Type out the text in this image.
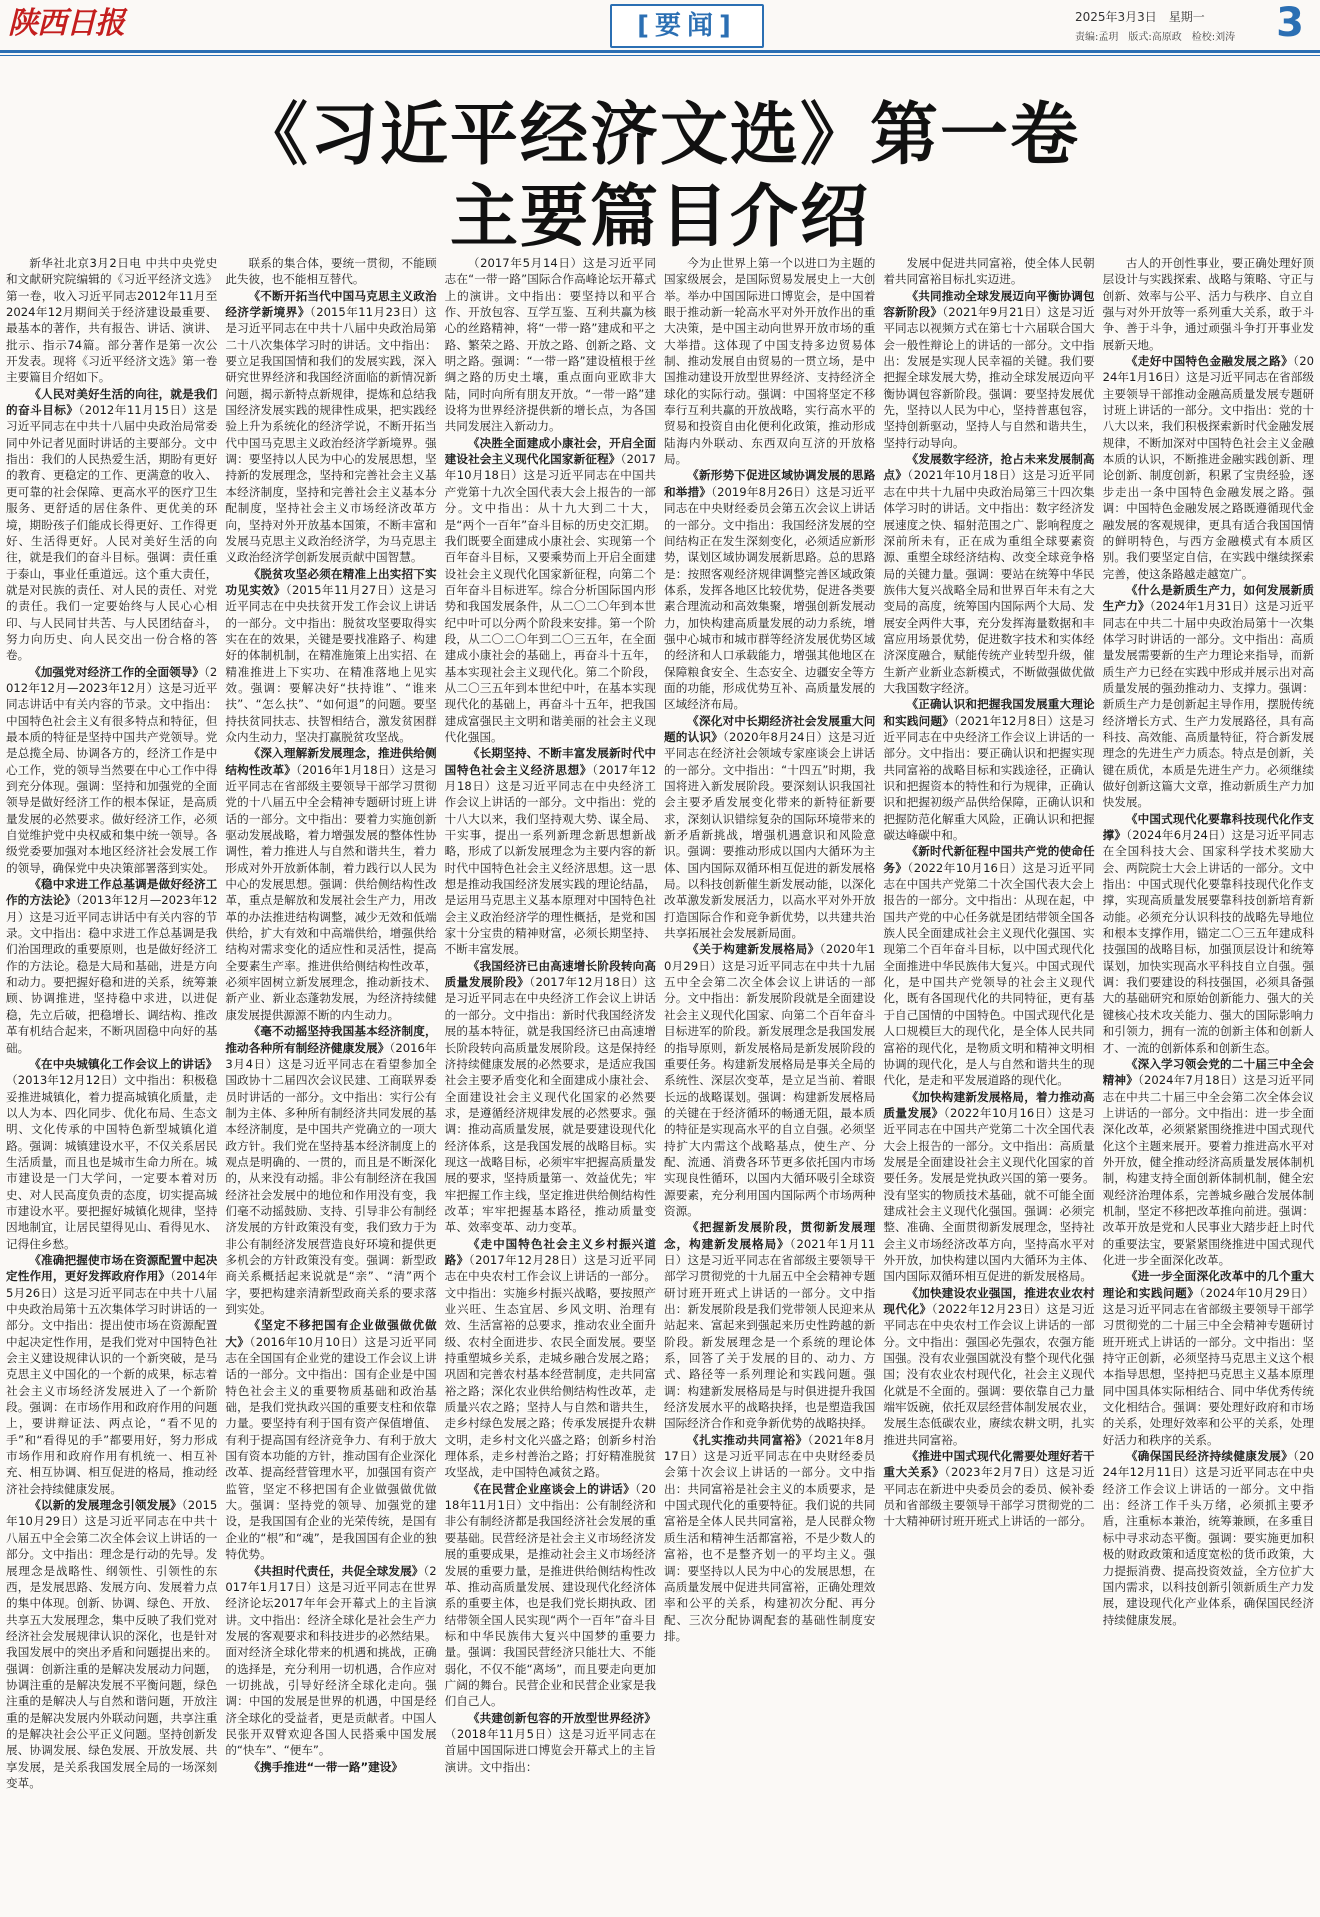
陕西日报	[要闻]	2025年3月3日　星期一
责编:孟玥　版式:高原政　检校:刘涛 3
《习近平经济文选》第一卷
主要篇目介绍

新华社北京3月2日电 中共中央党史和文献研究院编辑的《习近平经济文选》第一卷，收入习近平同志2012年11月至2024年12月期间关于经济建设最重要、最基本的著作，共有报告、讲话、演讲、批示、指示74篇。部分著作是第一次公开发表。现将《习近平经济文选》第一卷主要篇目介绍如下。

《人民对美好生活的向往，就是我们的奋斗目标》（2012年11月15日）这是习近平同志在中共十八届中央政治局常委同中外记者见面时讲话的主要部分。文中指出：我们的人民热爱生活，期盼有更好的教育、更稳定的工作、更满意的收入、更可靠的社会保障、更高水平的医疗卫生服务、更舒适的居住条件、更优美的环境，期盼孩子们能成长得更好、工作得更好、生活得更好。人民对美好生活的向往，就是我们的奋斗目标。强调：责任重于泰山，事业任重道远。这个重大责任，就是对民族的责任、对人民的责任、对党的责任。我们一定要始终与人民心心相印、与人民同甘共苦、与人民团结奋斗，努力向历史、向人民交出一份合格的答卷。

《加强党对经济工作的全面领导》（2012年12月—2023年12月）这是习近平同志讲话中有关内容的节录。文中指出：中国特色社会主义有很多特点和特征，但最本质的特征是坚持中国共产党领导。党是总揽全局、协调各方的，经济工作是中心工作，党的领导当然要在中心工作中得到充分体现。强调：坚持和加强党的全面领导是做好经济工作的根本保证，是高质量发展的必然要求。做好经济工作，必须自觉维护党中央权威和集中统一领导。各级党委要加强对本地区经济社会发展工作的领导，确保党中央决策部署落到实处。

《稳中求进工作总基调是做好经济工作的方法论》（2013年12月—2023年12月）这是习近平同志讲话中有关内容的节录。文中指出：稳中求进工作总基调是我们治国理政的重要原则，也是做好经济工作的方法论。稳是大局和基础，进是方向和动力。要把握好稳和进的关系，统筹兼顾、协调推进，坚持稳中求进，以进促稳，先立后破，把稳增长、调结构、推改革有机结合起来，不断巩固稳中向好的基础。

《在中央城镇化工作会议上的讲话》（2013年12月12日）文中指出：积极稳妥推进城镇化，着力提高城镇化质量，走以人为本、四化同步、优化布局、生态文明、文化传承的中国特色新型城镇化道路。强调：城镇建设水平，不仅关系居民生活质量，而且也是城市生命力所在。城市建设是一门大学问，一定要本着对历史、对人民高度负责的态度，切实提高城市建设水平。要把握好城镇化规律，坚持因地制宜，让居民望得见山、看得见水、记得住乡愁。

《准确把握使市场在资源配置中起决定性作用，更好发挥政府作用》（2014年5月26日）这是习近平同志在中共十八届中央政治局第十五次集体学习时讲话的一部分。文中指出：提出使市场在资源配置中起决定性作用，是我们党对中国特色社会主义建设规律认识的一个新突破，是马克思主义中国化的一个新的成果，标志着社会主义市场经济发展进入了一个新阶段。强调：在市场作用和政府作用的问题上，要讲辩证法、两点论，“看不见的手”和“看得见的手”都要用好，努力形成市场作用和政府作用有机统一、相互补充、相互协调、相互促进的格局，推动经济社会持续健康发展。

《以新的发展理念引领发展》（2015年10月29日）这是习近平同志在中共十八届五中全会第二次全体会议上讲话的一部分。文中指出：理念是行动的先导。发展理念是战略性、纲领性、引领性的东西，是发展思路、发展方向、发展着力点的集中体现。创新、协调、绿色、开放、共享五大发展理念，集中反映了我们党对经济社会发展规律认识的深化，也是针对我国发展中的突出矛盾和问题提出来的。强调：创新注重的是解决发展动力问题，协调注重的是解决发展不平衡问题，绿色注重的是解决人与自然和谐问题，开放注重的是解决发展内外联动问题，共享注重的是解决社会公平正义问题。坚持创新发展、协调发展、绿色发展、开放发展、共享发展，是关系我国发展全局的一场深刻变革。

联系的集合体，要统一贯彻，不能顾此失彼，也不能相互替代。

《不断开拓当代中国马克思主义政治经济学新境界》（2015年11月23日）这是习近平同志在中共十八届中央政治局第二十八次集体学习时的讲话。文中指出：要立足我国国情和我们的发展实践，深入研究世界经济和我国经济面临的新情况新问题，揭示新特点新规律，提炼和总结我国经济发展实践的规律性成果，把实践经验上升为系统化的经济学说，不断开拓当代中国马克思主义政治经济学新境界。强调：要坚持以人民为中心的发展思想，坚持新的发展理念，坚持和完善社会主义基本经济制度，坚持和完善社会主义基本分配制度，坚持社会主义市场经济改革方向，坚持对外开放基本国策，不断丰富和发展马克思主义政治经济学，为马克思主义政治经济学创新发展贡献中国智慧。

《脱贫攻坚必须在精准上出实招下实功见实效》（2015年11月27日）这是习近平同志在中央扶贫开发工作会议上讲话的一部分。文中指出：脱贫攻坚要取得实实在在的效果，关键是要找准路子、构建好的体制机制，在精准施策上出实招、在精准推进上下实功、在精准落地上见实效。强调：要解决好“扶持谁”、“谁来扶”、“怎么扶”、“如何退”的问题。要坚持扶贫同扶志、扶智相结合，激发贫困群众内生动力，坚决打赢脱贫攻坚战。

《深入理解新发展理念，推进供给侧结构性改革》（2016年1月18日）这是习近平同志在省部级主要领导干部学习贯彻党的十八届五中全会精神专题研讨班上讲话的一部分。文中指出：要着力实施创新驱动发展战略，着力增强发展的整体性协调性，着力推进人与自然和谐共生，着力形成对外开放新体制，着力践行以人民为中心的发展思想。强调：供给侧结构性改革，重点是解放和发展社会生产力，用改革的办法推进结构调整，减少无效和低端供给，扩大有效和中高端供给，增强供给结构对需求变化的适应性和灵活性，提高全要素生产率。推进供给侧结构性改革，必须牢固树立新发展理念，推动新技术、新产业、新业态蓬勃发展，为经济持续健康发展提供源源不断的内生动力。

《毫不动摇坚持我国基本经济制度，推动各种所有制经济健康发展》（2016年3月4日）这是习近平同志在看望参加全国政协十二届四次会议民建、工商联界委员时讲话的一部分。文中指出：实行公有制为主体、多种所有制经济共同发展的基本经济制度，是中国共产党确立的一项大政方针。我们党在坚持基本经济制度上的观点是明确的、一贯的，而且是不断深化的，从来没有动摇。非公有制经济在我国经济社会发展中的地位和作用没有变，我们毫不动摇鼓励、支持、引导非公有制经济发展的方针政策没有变，我们致力于为非公有制经济发展营造良好环境和提供更多机会的方针政策没有变。强调：新型政商关系概括起来说就是“亲”、“清”两个字，要把构建亲清新型政商关系的要求落到实处。

《坚定不移把国有企业做强做优做大》（2016年10月10日）这是习近平同志在全国国有企业党的建设工作会议上讲话的一部分。文中指出：国有企业是中国特色社会主义的重要物质基础和政治基础，是我们党执政兴国的重要支柱和依靠力量。要坚持有利于国有资产保值增值、有利于提高国有经济竞争力、有利于放大国有资本功能的方针，推动国有企业深化改革、提高经营管理水平，加强国有资产监管，坚定不移把国有企业做强做优做大。强调：坚持党的领导、加强党的建设，是我国国有企业的光荣传统，是国有企业的“根”和“魂”，是我国国有企业的独特优势。

《共担时代责任，共促全球发展》（2017年1月17日）这是习近平同志在世界经济论坛2017年年会开幕式上的主旨演讲。文中指出：经济全球化是社会生产力发展的客观要求和科技进步的必然结果。面对经济全球化带来的机遇和挑战，正确的选择是，充分利用一切机遇，合作应对一切挑战，引导好经济全球化走向。强调：中国的发展是世界的机遇，中国是经济全球化的受益者，更是贡献者。中国人民张开双臂欢迎各国人民搭乘中国发展的“快车”、“便车”。

《携手推进“一带一路”建设》

（2017年5月14日）这是习近平同志在“一带一路”国际合作高峰论坛开幕式上的演讲。文中指出：要坚持以和平合作、开放包容、互学互鉴、互利共赢为核心的丝路精神，将“一带一路”建成和平之路、繁荣之路、开放之路、创新之路、文明之路。强调：“一带一路”建设植根于丝绸之路的历史土壤，重点面向亚欧非大陆，同时向所有朋友开放。“一带一路”建设将为世界经济提供新的增长点，为各国共同发展注入新动力。

《决胜全面建成小康社会，开启全面建设社会主义现代化国家新征程》（2017年10月18日）这是习近平同志在中国共产党第十九次全国代表大会上报告的一部分。文中指出：从十九大到二十大，是“两个一百年”奋斗目标的历史交汇期。我们既要全面建成小康社会、实现第一个百年奋斗目标，又要乘势而上开启全面建设社会主义现代化国家新征程，向第二个百年奋斗目标进军。综合分析国际国内形势和我国发展条件，从二〇二〇年到本世纪中叶可以分两个阶段来安排。第一个阶段，从二〇二〇年到二〇三五年，在全面建成小康社会的基础上，再奋斗十五年，基本实现社会主义现代化。第二个阶段，从二〇三五年到本世纪中叶，在基本实现现代化的基础上，再奋斗十五年，把我国建成富强民主文明和谐美丽的社会主义现代化强国。

《长期坚持、不断丰富发展新时代中国特色社会主义经济思想》（2017年12月18日）这是习近平同志在中央经济工作会议上讲话的一部分。文中指出：党的十八大以来，我们坚持观大势、谋全局、干实事，提出一系列新理念新思想新战略，形成了以新发展理念为主要内容的新时代中国特色社会主义经济思想。这一思想是推动我国经济发展实践的理论结晶，是运用马克思主义基本原理对中国特色社会主义政治经济学的理性概括，是党和国家十分宝贵的精神财富，必须长期坚持、不断丰富发展。

《我国经济已由高速增长阶段转向高质量发展阶段》（2017年12月18日）这是习近平同志在中央经济工作会议上讲话的一部分。文中指出：新时代我国经济发展的基本特征，就是我国经济已由高速增长阶段转向高质量发展阶段。这是保持经济持续健康发展的必然要求，是适应我国社会主要矛盾变化和全面建成小康社会、全面建设社会主义现代化国家的必然要求，是遵循经济规律发展的必然要求。强调：推动高质量发展，就是要建设现代化经济体系，这是我国发展的战略目标。实现这一战略目标，必须牢牢把握高质量发展的要求，坚持质量第一、效益优先；牢牢把握工作主线，坚定推进供给侧结构性改革；牢牢把握基本路径，推动质量变革、效率变革、动力变革。

《走中国特色社会主义乡村振兴道路》（2017年12月28日）这是习近平同志在中央农村工作会议上讲话的一部分。文中指出：实施乡村振兴战略，要按照产业兴旺、生态宜居、乡风文明、治理有效、生活富裕的总要求，推动农业全面升级、农村全面进步、农民全面发展。要坚持重塑城乡关系，走城乡融合发展之路；巩固和完善农村基本经营制度，走共同富裕之路；深化农业供给侧结构性改革，走质量兴农之路；坚持人与自然和谐共生，走乡村绿色发展之路；传承发展提升农耕文明，走乡村文化兴盛之路；创新乡村治理体系，走乡村善治之路；打好精准脱贫攻坚战，走中国特色减贫之路。

《在民营企业座谈会上的讲话》（2018年11月1日）文中指出：公有制经济和非公有制经济都是我国经济社会发展的重要基础。民营经济是社会主义市场经济发展的重要成果，是推动社会主义市场经济发展的重要力量，是推进供给侧结构性改革、推动高质量发展、建设现代化经济体系的重要主体，也是我们党长期执政、团结带领全国人民实现“两个一百年”奋斗目标和中华民族伟大复兴中国梦的重要力量。强调：我国民营经济只能壮大、不能弱化，不仅不能“离场”，而且要走向更加广阔的舞台。民营企业和民营企业家是我们自己人。

《共建创新包容的开放型世界经济》（2018年11月5日）这是习近平同志在首届中国国际进口博览会开幕式上的主旨演讲。文中指出：

今为止世界上第一个以进口为主题的国家级展会，是国际贸易发展史上一大创举。举办中国国际进口博览会，是中国着眼于推动新一轮高水平对外开放作出的重大决策，是中国主动向世界开放市场的重大举措。这体现了中国支持多边贸易体制、推动发展自由贸易的一贯立场，是中国推动建设开放型世界经济、支持经济全球化的实际行动。强调：中国将坚定不移奉行互利共赢的开放战略，实行高水平的贸易和投资自由化便利化政策，推动形成陆海内外联动、东西双向互济的开放格局。

《新形势下促进区域协调发展的思路和举措》（2019年8月26日）这是习近平同志在中央财经委员会第五次会议上讲话的一部分。文中指出：我国经济发展的空间结构正在发生深刻变化，必须适应新形势，谋划区域协调发展新思路。总的思路是：按照客观经济规律调整完善区域政策体系，发挥各地区比较优势，促进各类要素合理流动和高效集聚，增强创新发展动力，加快构建高质量发展的动力系统，增强中心城市和城市群等经济发展优势区域的经济和人口承载能力，增强其他地区在保障粮食安全、生态安全、边疆安全等方面的功能，形成优势互补、高质量发展的区域经济布局。

《深化对中长期经济社会发展重大问题的认识》（2020年8月24日）这是习近平同志在经济社会领域专家座谈会上讲话的一部分。文中指出：“十四五”时期，我国将进入新发展阶段。要深刻认识我国社会主要矛盾发展变化带来的新特征新要求，深刻认识错综复杂的国际环境带来的新矛盾新挑战，增强机遇意识和风险意识。强调：要推动形成以国内大循环为主体、国内国际双循环相互促进的新发展格局。以科技创新催生新发展动能，以深化改革激发新发展活力，以高水平对外开放打造国际合作和竞争新优势，以共建共治共享拓展社会发展新局面。

《关于构建新发展格局》（2020年10月29日）这是习近平同志在中共十九届五中全会第二次全体会议上讲话的一部分。文中指出：新发展阶段就是全面建设社会主义现代化国家、向第二个百年奋斗目标进军的阶段。新发展理念是我国发展的指导原则，新发展格局是新发展阶段的重要任务。构建新发展格局是事关全局的系统性、深层次变革，是立足当前、着眼长远的战略谋划。强调：构建新发展格局的关键在于经济循环的畅通无阻，最本质的特征是实现高水平的自立自强。必须坚持扩大内需这个战略基点，使生产、分配、流通、消费各环节更多依托国内市场实现良性循环，以国内大循环吸引全球资源要素，充分利用国内国际两个市场两种资源。

《把握新发展阶段，贯彻新发展理念，构建新发展格局》（2021年1月11日）这是习近平同志在省部级主要领导干部学习贯彻党的十九届五中全会精神专题研讨班开班式上讲话的一部分。文中指出：新发展阶段是我们党带领人民迎来从站起来、富起来到强起来历史性跨越的新阶段。新发展理念是一个系统的理论体系，回答了关于发展的目的、动力、方式、路径等一系列理论和实践问题。强调：构建新发展格局是与时俱进提升我国经济发展水平的战略抉择，也是塑造我国国际经济合作和竞争新优势的战略抉择。

《扎实推动共同富裕》（2021年8月17日）这是习近平同志在中央财经委员会第十次会议上讲话的一部分。文中指出：共同富裕是社会主义的本质要求，是中国式现代化的重要特征。我们说的共同富裕是全体人民共同富裕，是人民群众物质生活和精神生活都富裕，不是少数人的富裕，也不是整齐划一的平均主义。强调：要坚持以人民为中心的发展思想，在高质量发展中促进共同富裕，正确处理效率和公平的关系，构建初次分配、再分配、三次分配协调配套的基础性制度安排。

发展中促进共同富裕，使全体人民朝着共同富裕目标扎实迈进。

《共同推动全球发展迈向平衡协调包容新阶段》（2021年9月21日）这是习近平同志以视频方式在第七十六届联合国大会一般性辩论上的讲话的一部分。文中指出：发展是实现人民幸福的关键。我们要把握全球发展大势，推动全球发展迈向平衡协调包容新阶段。强调：要坚持发展优先，坚持以人民为中心，坚持普惠包容，坚持创新驱动，坚持人与自然和谐共生，坚持行动导向。

《发展数字经济，抢占未来发展制高点》（2021年10月18日）这是习近平同志在中共十九届中央政治局第三十四次集体学习时的讲话。文中指出：数字经济发展速度之快、辐射范围之广、影响程度之深前所未有，正在成为重组全球要素资源、重塑全球经济结构、改变全球竞争格局的关键力量。强调：要站在统筹中华民族伟大复兴战略全局和世界百年未有之大变局的高度，统筹国内国际两个大局、发展安全两件大事，充分发挥海量数据和丰富应用场景优势，促进数字技术和实体经济深度融合，赋能传统产业转型升级，催生新产业新业态新模式，不断做强做优做大我国数字经济。

《正确认识和把握我国发展重大理论和实践问题》（2021年12月8日）这是习近平同志在中央经济工作会议上讲话的一部分。文中指出：要正确认识和把握实现共同富裕的战略目标和实践途径，正确认识和把握资本的特性和行为规律，正确认识和把握初级产品供给保障，正确认识和把握防范化解重大风险，正确认识和把握碳达峰碳中和。

《新时代新征程中国共产党的使命任务》（2022年10月16日）这是习近平同志在中国共产党第二十次全国代表大会上报告的一部分。文中指出：从现在起，中国共产党的中心任务就是团结带领全国各族人民全面建成社会主义现代化强国、实现第二个百年奋斗目标，以中国式现代化全面推进中华民族伟大复兴。中国式现代化，是中国共产党领导的社会主义现代化，既有各国现代化的共同特征，更有基于自己国情的中国特色。中国式现代化是人口规模巨大的现代化，是全体人民共同富裕的现代化，是物质文明和精神文明相协调的现代化，是人与自然和谐共生的现代化，是走和平发展道路的现代化。

《加快构建新发展格局，着力推动高质量发展》（2022年10月16日）这是习近平同志在中国共产党第二十次全国代表大会上报告的一部分。文中指出：高质量发展是全面建设社会主义现代化国家的首要任务。发展是党执政兴国的第一要务。没有坚实的物质技术基础，就不可能全面建成社会主义现代化强国。强调：必须完整、准确、全面贯彻新发展理念，坚持社会主义市场经济改革方向，坚持高水平对外开放，加快构建以国内大循环为主体、国内国际双循环相互促进的新发展格局。

《加快建设农业强国，推进农业农村现代化》（2022年12月23日）这是习近平同志在中央农村工作会议上讲话的一部分。文中指出：强国必先强农，农强方能国强。没有农业强国就没有整个现代化强国；没有农业农村现代化，社会主义现代化就是不全面的。强调：要依靠自己力量端牢饭碗，依托双层经营体制发展农业，发展生态低碳农业，赓续农耕文明，扎实推进共同富裕。

《推进中国式现代化需要处理好若干重大关系》（2023年2月7日）这是习近平同志在新进中央委员会的委员、候补委员和省部级主要领导干部学习贯彻党的二十大精神研讨班开班式上讲话的一部分。

古人的开创性事业，要正确处理好顶层设计与实践探索、战略与策略、守正与创新、效率与公平、活力与秩序、自立自强与对外开放等一系列重大关系，敢于斗争、善于斗争，通过顽强斗争打开事业发展新天地。

《走好中国特色金融发展之路》（2024年1月16日）这是习近平同志在省部级主要领导干部推动金融高质量发展专题研讨班上讲话的一部分。文中指出：党的十八大以来，我们积极探索新时代金融发展规律，不断加深对中国特色社会主义金融本质的认识，不断推进金融实践创新、理论创新、制度创新，积累了宝贵经验，逐步走出一条中国特色金融发展之路。强调：中国特色金融发展之路既遵循现代金融发展的客观规律，更具有适合我国国情的鲜明特色，与西方金融模式有本质区别。我们要坚定自信，在实践中继续探索完善，使这条路越走越宽广。

《什么是新质生产力，如何发展新质生产力》（2024年1月31日）这是习近平同志在中共二十届中央政治局第十一次集体学习时讲话的一部分。文中指出：高质量发展需要新的生产力理论来指导，而新质生产力已经在实践中形成并展示出对高质量发展的强劲推动力、支撑力。强调：新质生产力是创新起主导作用，摆脱传统经济增长方式、生产力发展路径，具有高科技、高效能、高质量特征，符合新发展理念的先进生产力质态。特点是创新，关键在质优，本质是先进生产力。必须继续做好创新这篇大文章，推动新质生产力加快发展。

《中国式现代化要靠科技现代化作支撑》（2024年6月24日）这是习近平同志在全国科技大会、国家科学技术奖励大会、两院院士大会上讲话的一部分。文中指出：中国式现代化要靠科技现代化作支撑，实现高质量发展要靠科技创新培育新动能。必须充分认识科技的战略先导地位和根本支撑作用，锚定二〇三五年建成科技强国的战略目标，加强顶层设计和统筹谋划，加快实现高水平科技自立自强。强调：我们要建设的科技强国，必须具备强大的基础研究和原始创新能力、强大的关键核心技术攻关能力、强大的国际影响力和引领力，拥有一流的创新主体和创新人才、一流的创新体系和创新生态。

《深入学习领会党的二十届三中全会精神》（2024年7月18日）这是习近平同志在中共二十届三中全会第二次全体会议上讲话的一部分。文中指出：进一步全面深化改革，必须紧紧围绕推进中国式现代化这个主题来展开。要着力推进高水平对外开放，健全推动经济高质量发展体制机制，构建支持全面创新体制机制，健全宏观经济治理体系，完善城乡融合发展体制机制，坚定不移把改革推向前进。强调：改革开放是党和人民事业大踏步赶上时代的重要法宝，要紧紧围绕推进中国式现代化进一步全面深化改革。

《进一步全面深化改革中的几个重大理论和实践问题》（2024年10月29日）这是习近平同志在省部级主要领导干部学习贯彻党的二十届三中全会精神专题研讨班开班式上讲话的一部分。文中指出：坚持守正创新，必须坚持马克思主义这个根本指导思想，坚持把马克思主义基本原理同中国具体实际相结合、同中华优秀传统文化相结合。强调：要处理好政府和市场的关系，处理好效率和公平的关系，处理好活力和秩序的关系。

《确保国民经济持续健康发展》（2024年12月11日）这是习近平同志在中央经济工作会议上讲话的一部分。文中指出：经济工作千头万绪，必须抓主要矛盾，注重标本兼治，统筹兼顾，在多重目标中寻求动态平衡。强调：要实施更加积极的财政政策和适度宽松的货币政策，大力提振消费、提高投资效益，全方位扩大国内需求，以科技创新引领新质生产力发展，建设现代化产业体系，确保国民经济持续健康发展。
